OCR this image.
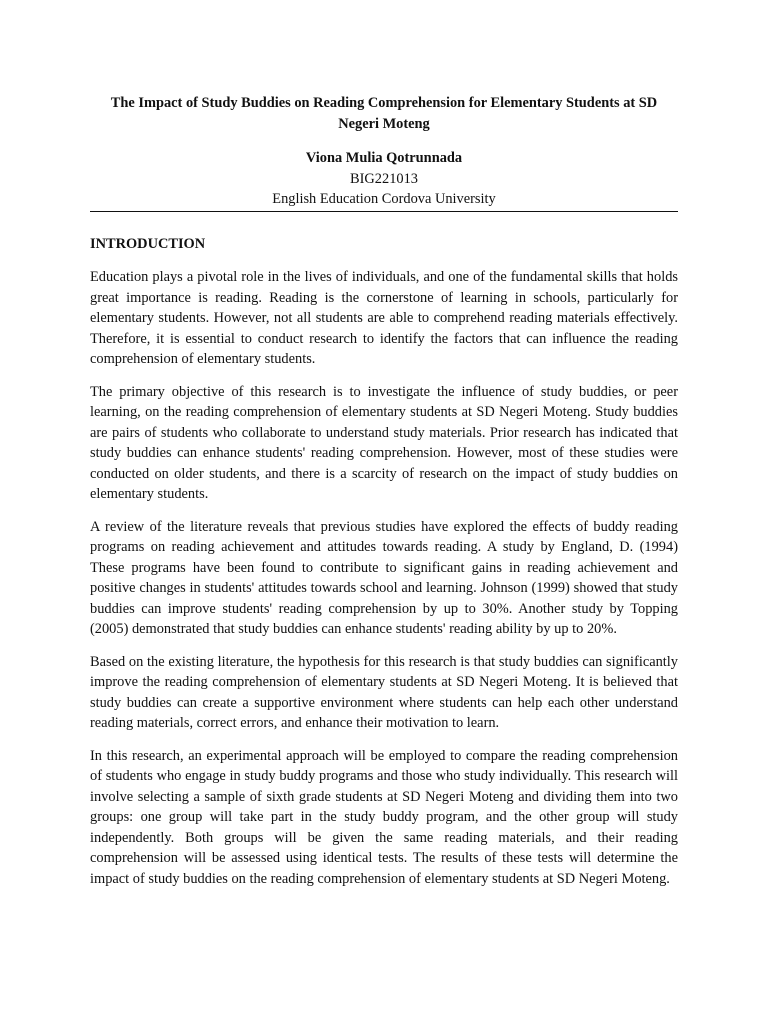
The Impact of Study Buddies on Reading Comprehension for Elementary Students at SD Negeri Moteng

Viona Mulia Qotrunnada

BIG221013

English Education Cordova University

INTRODUCTION

Education plays a pivotal role in the lives of individuals, and one of the fundamental skills that holds great importance is reading. Reading is the cornerstone of learning in schools, particularly for elementary students. However, not all students are able to comprehend reading materials effectively. Therefore, it is essential to conduct research to identify the factors that can influence the reading comprehension of elementary students.

The primary objective of this research is to investigate the influence of study buddies, or peer learning, on the reading comprehension of elementary students at SD Negeri Moteng. Study buddies are pairs of students who collaborate to understand study materials. Prior research has indicated that study buddies can enhance students' reading comprehension. However, most of these studies were conducted on older students, and there is a scarcity of research on the impact of study buddies on elementary students.

A review of the literature reveals that previous studies have explored the effects of buddy reading programs on reading achievement and attitudes towards reading. A study by England, D. (1994) These programs have been found to contribute to significant gains in reading achievement and positive changes in students' attitudes towards school and learning. Johnson (1999) showed that study buddies can improve students' reading comprehension by up to 30%. Another study by Topping (2005) demonstrated that study buddies can enhance students' reading ability by up to 20%.

Based on the existing literature, the hypothesis for this research is that study buddies can significantly improve the reading comprehension of elementary students at SD Negeri Moteng. It is believed that study buddies can create a supportive environment where students can help each other understand reading materials, correct errors, and enhance their motivation to learn.

In this research, an experimental approach will be employed to compare the reading comprehension of students who engage in study buddy programs and those who study individually. This research will involve selecting a sample of sixth grade students at SD Negeri Moteng and dividing them into two groups: one group will take part in the study buddy program, and the other group will study independently. Both groups will be given the same reading materials, and their reading comprehension will be assessed using identical tests. The results of these tests will determine the impact of study buddies on the reading comprehension of elementary students at SD Negeri Moteng.
